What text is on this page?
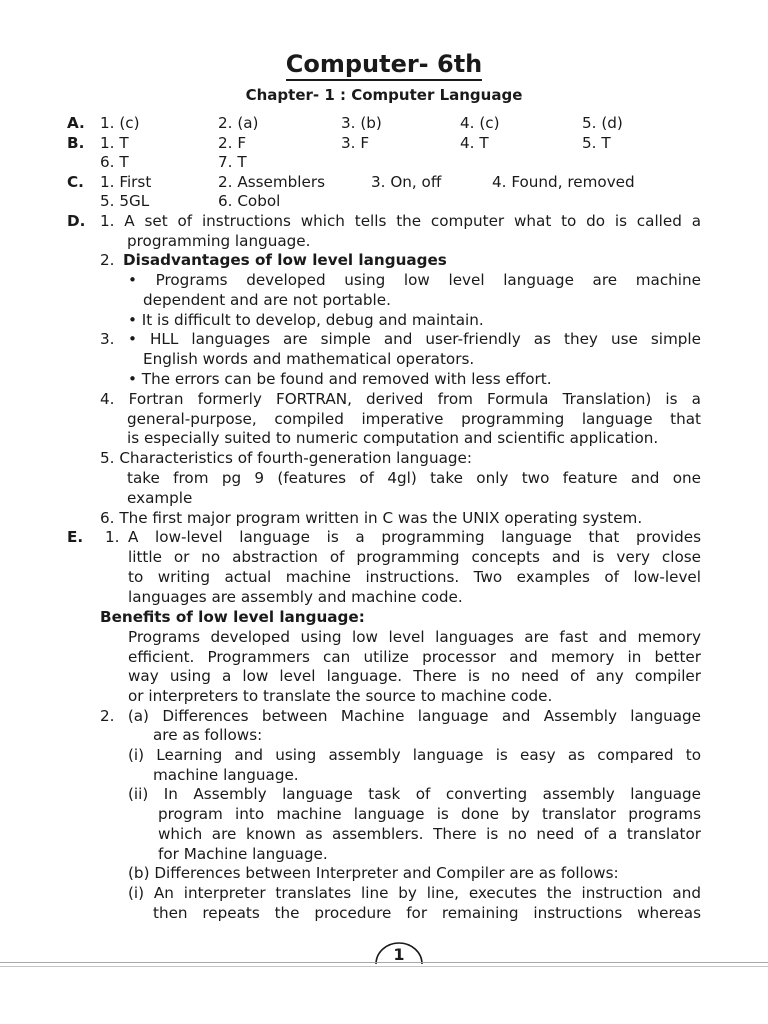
Computer- 6th
Chapter- 1 : Computer Language
A. 1. (c)	2. (a)	3. (b)	4. (c)	5. (d)
B. 1. T	2. F	3. F	4. T	5. T
6. T	7. T
C. 1. First	2. Assemblers	3. On, off	4. Found, removed
5. 5GL	6. Cobol
D. 1. A set of instructions which tells the computer what to do is called a
programming language.
2. Disadvantages of low level languages
• Programs developed using low level language are machine
dependent and are not portable.
• It is difficult to develop, debug and maintain.
3. • HLL languages are simple and user-friendly as they use simple
English words and mathematical operators.
• The errors can be found and removed with less effort.
4. Fortran formerly FORTRAN, derived from Formula Translation) is a
general-purpose, compiled imperative programming language that
is especially suited to numeric computation and scientific application.
5. Characteristics of fourth-generation language:
take from pg 9 (features of 4gl) take only two feature and one
example
6. The first major program written in C was the UNIX operating system.
E. 1. A low-level language is a programming language that provides
little or no abstraction of programming concepts and is very close
to writing actual machine instructions. Two examples of low-level
languages are assembly and machine code.
Benefits of low level language:
Programs developed using low level languages are fast and memory
efficient. Programmers can utilize processor and memory in better
way using a low level language. There is no need of any compiler
or interpreters to translate the source to machine code.
2. (a) Differences between Machine language and Assembly language
are as follows:
(i) Learning and using assembly language is easy as compared to
machine language.
(ii) In Assembly language task of converting assembly language
program into machine language is done by translator programs
which are known as assemblers. There is no need of a translator
for Machine language.
(b) Differences between Interpreter and Compiler are as follows:
(i) An interpreter translates line by line, executes the instruction and
then repeats the procedure for remaining instructions whereas
1
